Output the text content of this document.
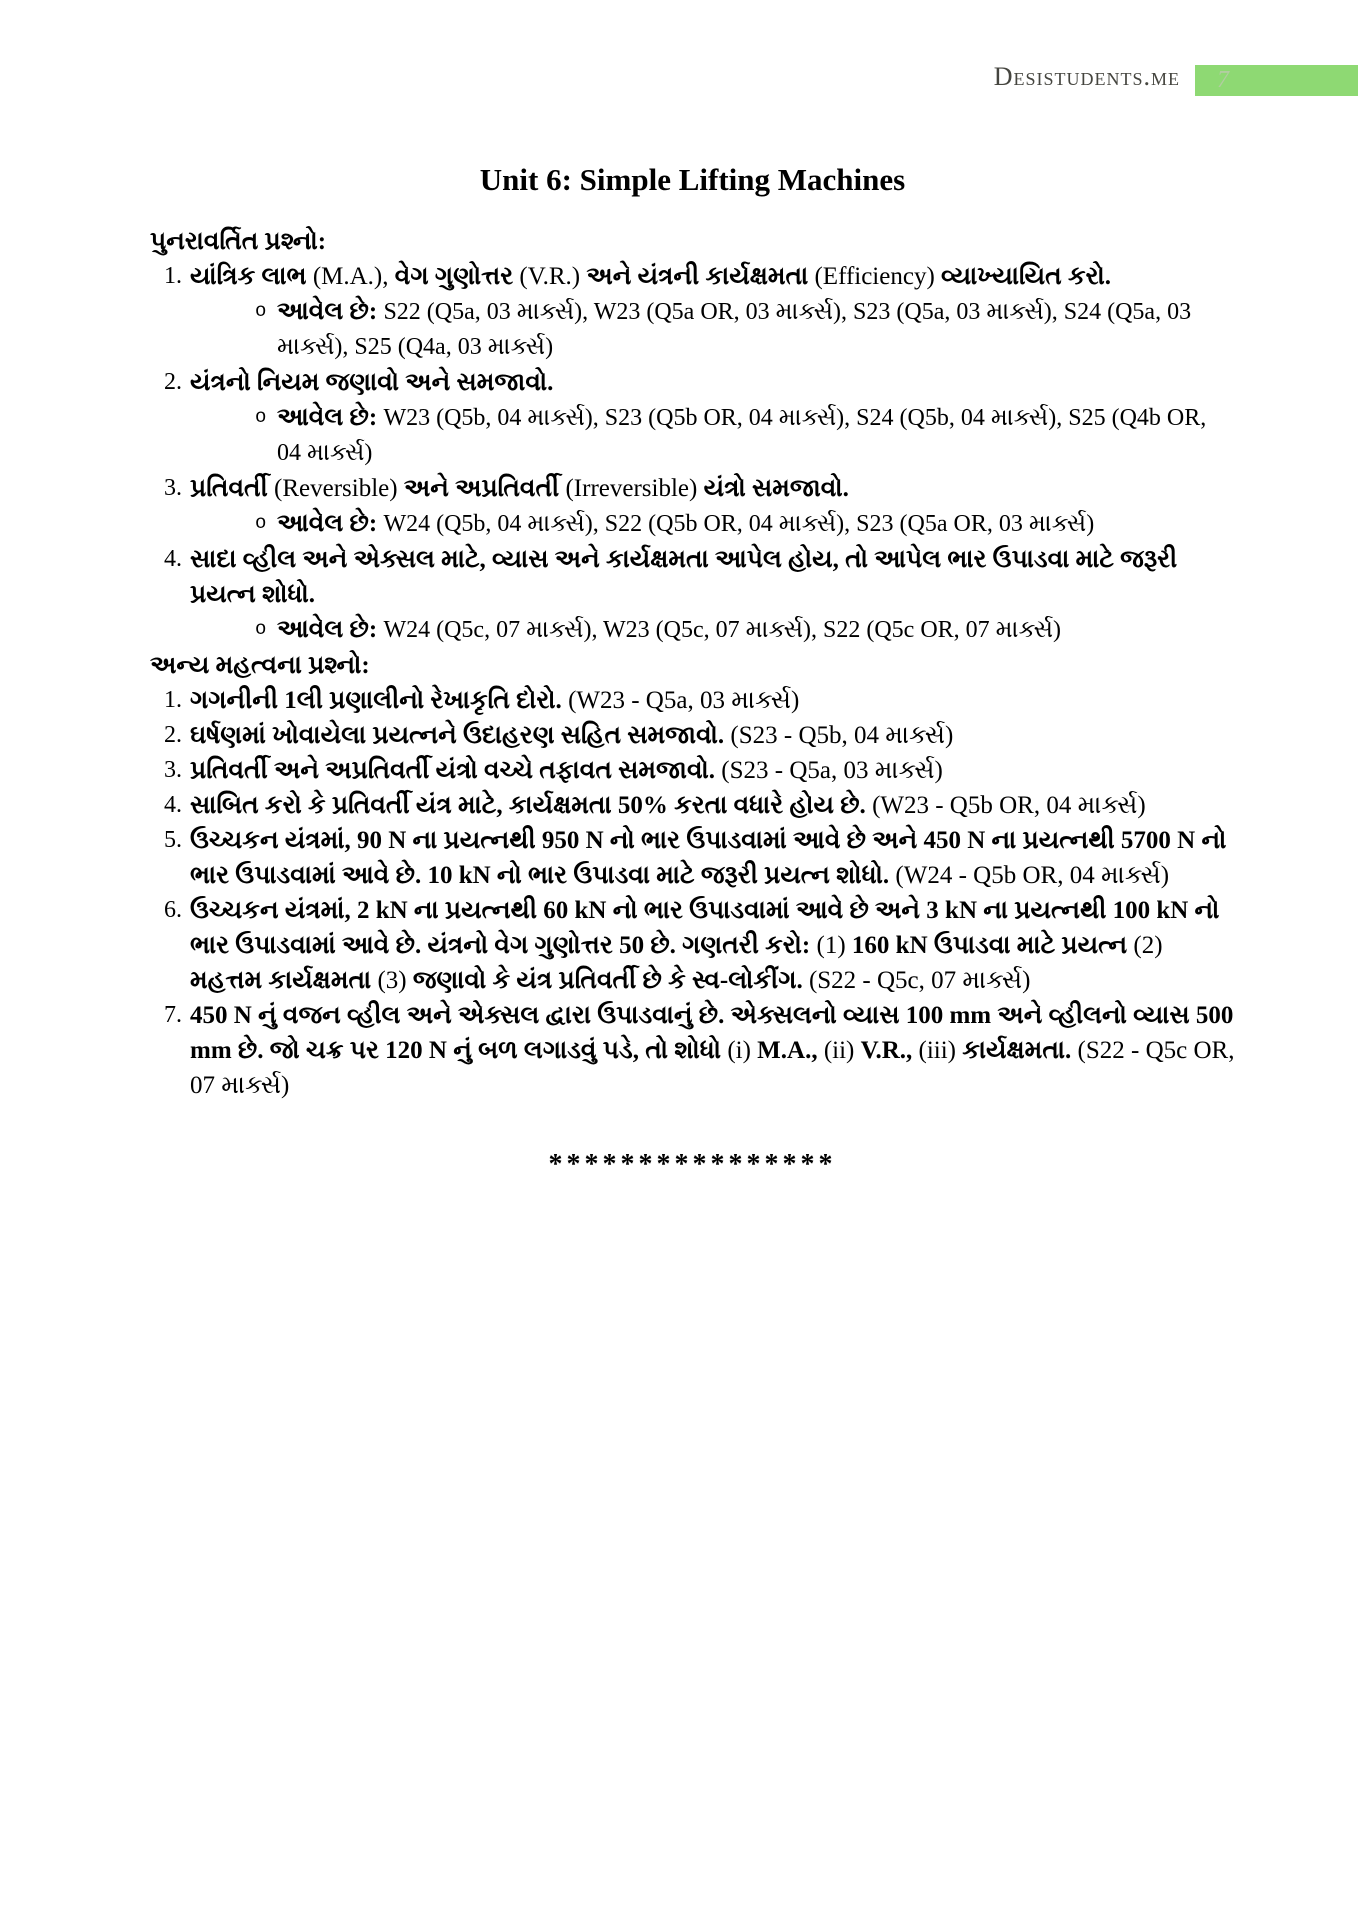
Desistudents.me 7
Unit 6: Simple Lifting Machines
પુનરાવર્તિત પ્રશ્નો:
1. યાંત્રિક લાભ (M.A.), વેગ ગુણોત્તર (V.R.) અને યંત્રની કાર્યક્ષમતા (Efficiency) વ્યાખ્યાયિત કરો.
o આવેલ છે: S22 (Q5a, 03 માર્ક્સ), W23 (Q5a OR, 03 માર્ક્સ), S23 (Q5a, 03 માર્ક્સ), S24 (Q5a, 03 માર્ક્સ), S25 (Q4a, 03 માર્ક્સ)
2. યંત્રનો નિયમ જણાવો અને સમજાવો.
o આવેલ છે: W23 (Q5b, 04 માર્ક્સ), S23 (Q5b OR, 04 માર્ક્સ), S24 (Q5b, 04 માર્ક્સ), S25 (Q4b OR, 04 માર્ક્સ)
3. પ્રતિવર્તી (Reversible) અને અપ્રતિવર્તી (Irreversible) યંત્રો સમજાવો.
o આવેલ છે: W24 (Q5b, 04 માર્ક્સ), S22 (Q5b OR, 04 માર્ક્સ), S23 (Q5a OR, 03 માર્ક્સ)
4. સાદા વ્હીલ અને એક્સલ માટે, વ્યાસ અને કાર્યક્ષમતા આપેલ હોય, તો આપેલ ભાર ઉપાડવા માટે જરૂરી પ્રયત્ન શોધો.
o આવેલ છે: W24 (Q5c, 07 માર્ક્સ), W23 (Q5c, 07 માર્ક્સ), S22 (Q5c OR, 07 માર્ક્સ)
અન્ય મહત્વના પ્રશ્નો:
1. ગગનીની 1લી પ્રણાલીનો રેખાકૃતિ દોરો. (W23 - Q5a, 03 માર્ક્સ)
2. ઘર્ષણમાં ખોવાયેલા પ્રયત્નને ઉદાહરણ સહિત સમજાવો. (S23 - Q5b, 04 માર્ક્સ)
3. પ્રતિવર્તી અને અપ્રતિવર્તી યંત્રો વચ્ચે તફાવત સમજાવો. (S23 - Q5a, 03 માર્ક્સ)
4. સાબિત કરો કે પ્રતિવર્તી યંત્ર માટે, કાર્યક્ષમતા 50% કરતા વધારે હોય છે. (W23 - Q5b OR, 04 માર્ક્સ)
5. ઉચ્ચકન યંત્રમાં, 90 N ના પ્રયત્નથી 950 N નો ભાર ઉપાડવામાં આવે છે અને 450 N ના પ્રયત્નથી 5700 N નો ભાર ઉપાડવામાં આવે છે. 10 kN નો ભાર ઉપાડવા માટે જરૂરી પ્રયત્ન શોધો. (W24 - Q5b OR, 04 માર્ક્સ)
6. ઉચ્ચકન યંત્રમાં, 2 kN ના પ્રયત્નથી 60 kN નો ભાર ઉપાડવામાં આવે છે અને 3 kN ના પ્રયત્નથી 100 kN નો ભાર ઉપાડવામાં આવે છે. યંત્રનો વેગ ગુણોત્તર 50 છે. ગણતરી કરો: (1) 160 kN ઉપાડવા માટે પ્રયત્ન (2) મહત્તમ કાર્યક્ષમતા (3) જણાવો કે યંત્ર પ્રતિવર્તી છે કે સ્વ-લોકીંગ. (S22 - Q5c, 07 માર્ક્સ)
7. 450 N નું વજન વ્હીલ અને એક્સલ દ્વારા ઉપાડવાનું છે. એક્સલનો વ્યાસ 100 mm અને વ્હીલનો વ્યાસ 500 mm છે. જો ચક્ર પર 120 N નું બળ લગાડવું પડે, તો શોધો (i) M.A., (ii) V.R., (iii) કાર્યક્ષમતા. (S22 - Q5c OR, 07 માર્ક્સ)
****************
